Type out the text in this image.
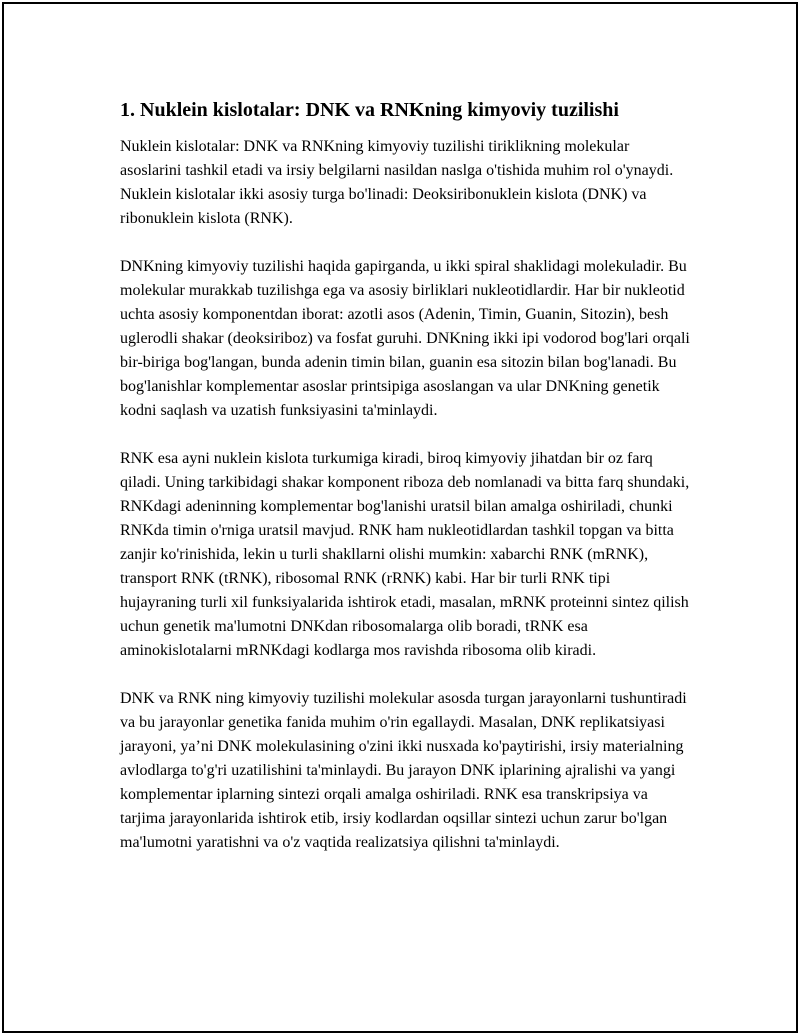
1. Nuklein kislotalar: DNK va RNKning kimyoviy tuzilishi

Nuklein kislotalar: DNK va RNKning kimyoviy tuzilishi tiriklikning molekular asoslarini tashkil etadi va irsiy belgilarni nasildan naslga o'tishida muhim rol o'ynaydi. Nuklein kislotalar ikki asosiy turga bo'linadi: Deoksiribonuklein kislota (DNK) va ribonuklein kislota (RNK).

DNKning kimyoviy tuzilishi haqida gapirganda, u ikki spiral shaklidagi molekuladir. Bu molekular murakkab tuzilishga ega va asosiy birliklari nukleotidlardir. Har bir nukleotid uchta asosiy komponentdan iborat: azotli asos (Adenin, Timin, Guanin, Sitozin), besh uglerodli shakar (deoksiriboz) va fosfat guruhi. DNKning ikki ipi vodorod bog'lari orqali bir-biriga bog'langan, bunda adenin timin bilan, guanin esa sitozin bilan bog'lanadi. Bu bog'lanishlar komplementar asoslar printsipiga asoslangan va ular DNKning genetik kodni saqlash va uzatish funksiyasini ta'minlaydi.

RNK esa ayni nuklein kislota turkumiga kiradi, biroq kimyoviy jihatdan bir oz farq qiladi. Uning tarkibidagi shakar komponent riboza deb nomlanadi va bitta farq shundaki, RNKdagi adeninning komplementar bog'lanishi uratsil bilan amalga oshiriladi, chunki RNKda timin o'rniga uratsil mavjud. RNK ham nukleotidlardan tashkil topgan va bitta zanjir ko'rinishida, lekin u turli shakllarni olishi mumkin: xabarchi RNK (mRNK), transport RNK (tRNK), ribosomal RNK (rRNK) kabi. Har bir turli RNK tipi hujayraning turli xil funksiyalarida ishtirok etadi, masalan, mRNK proteinni sintez qilish uchun genetik ma'lumotni DNKdan ribosomalarga olib boradi, tRNK esa aminokislotalarni mRNKdagi kodlarga mos ravishda ribosoma olib kiradi.

DNK va RNK ning kimyoviy tuzilishi molekular asosda turgan jarayonlarni tushuntiradi va bu jarayonlar genetika fanida muhim o'rin egallaydi. Masalan, DNK replikatsiyasi jarayoni, ya’ni DNK molekulasining o'zini ikki nusxada ko'paytirishi, irsiy materialning avlodlarga to'g'ri uzatilishini ta'minlaydi. Bu jarayon DNK iplarining ajralishi va yangi komplementar iplarning sintezi orqali amalga oshiriladi. RNK esa transkripsiya va tarjima jarayonlarida ishtirok etib, irsiy kodlardan oqsillar sintezi uchun zarur bo'lgan ma'lumotni yaratishni va o'z vaqtida realizatsiya qilishni ta'minlaydi.
